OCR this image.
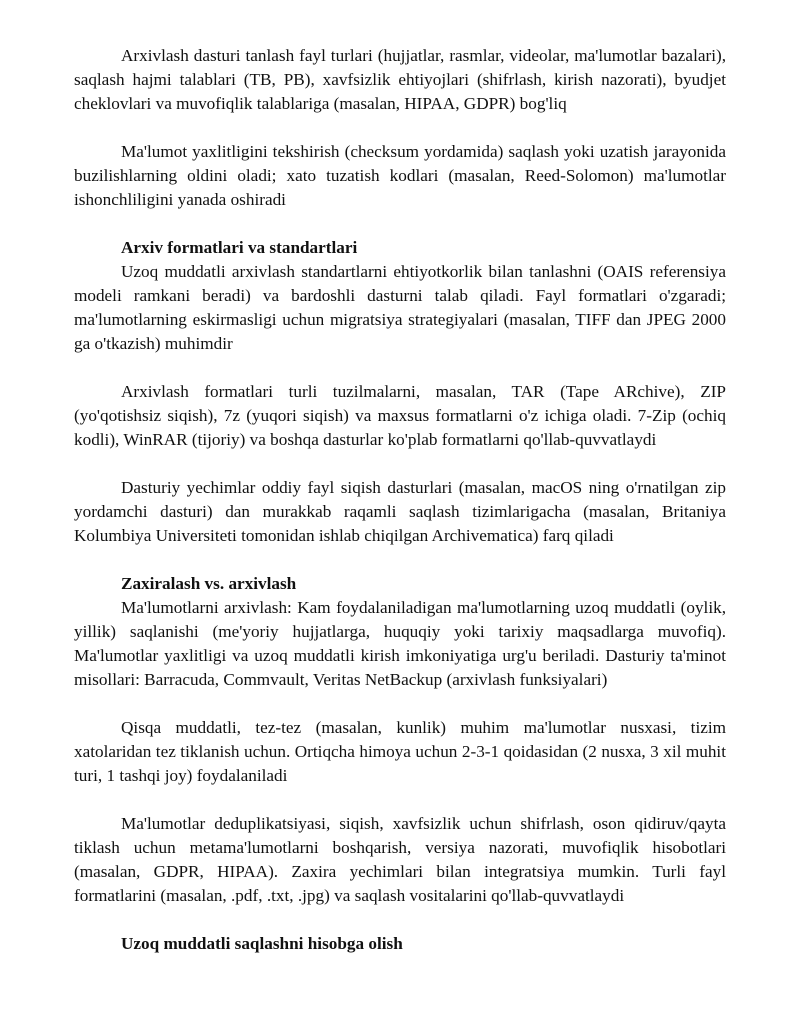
Arxivlash dasturi tanlash fayl turlari (hujjatlar, rasmlar, videolar, ma'lumotlar bazalari), saqlash hajmi talablari (TB, PB), xavfsizlik ehtiyojlari (shifrlash, kirish nazorati), byudjet cheklovlari va muvofiqlik talablariga (masalan, HIPAA, GDPR) bog'liq

Ma'lumot yaxlitligini tekshirish (checksum yordamida) saqlash yoki uzatish jarayonida buzilishlarning oldini oladi; xato tuzatish kodlari (masalan, Reed-Solomon) ma'lumotlar ishonchliligini yanada oshiradi

Arxiv formatlari va standartlari

Uzoq muddatli arxivlash standartlarni ehtiyotkorlik bilan tanlashni (OAIS referensiya modeli ramkani beradi) va bardoshli dasturni talab qiladi. Fayl formatlari o'zgaradi; ma'lumotlarning eskirmasligi uchun migratsiya strategiyalari (masalan, TIFF dan JPEG 2000 ga o'tkazish) muhimdir

Arxivlash formatlari turli tuzilmalarni, masalan, TAR (Tape ARchive), ZIP (yo'qotishsiz siqish), 7z (yuqori siqish) va maxsus formatlarni o'z ichiga oladi. 7-Zip (ochiq kodli), WinRAR (tijoriy) va boshqa dasturlar ko'plab formatlarni qo'llab-quvvatlaydi

Dasturiy yechimlar oddiy fayl siqish dasturlari (masalan, macOS ning o'rnatilgan zip yordamchi dasturi) dan murakkab raqamli saqlash tizimlarigacha (masalan, Britaniya Kolumbiya Universiteti tomonidan ishlab chiqilgan Archivematica) farq qiladi

Zaxiralash vs. arxivlash

Ma'lumotlarni arxivlash: Kam foydalaniladigan ma'lumotlarning uzoq muddatli (oylik, yillik) saqlanishi (me'yoriy hujjatlarga, huquqiy yoki tarixiy maqsadlarga muvofiq). Ma'lumotlar yaxlitligi va uzoq muddatli kirish imkoniyatiga urg'u beriladi. Dasturiy ta'minot misollari: Barracuda, Commvault, Veritas NetBackup (arxivlash funksiyalari)

Qisqa muddatli, tez-tez (masalan, kunlik) muhim ma'lumotlar nusxasi, tizim xatolaridan tez tiklanish uchun. Ortiqcha himoya uchun 2-3-1 qoidasidan (2 nusxa, 3 xil muhit turi, 1 tashqi joy) foydalaniladi

Ma'lumotlar deduplikatsiyasi, siqish, xavfsizlik uchun shifrlash, oson qidiruv/qayta tiklash uchun metama'lumotlarni boshqarish, versiya nazorati, muvofiqlik hisobotlari (masalan, GDPR, HIPAA). Zaxira yechimlari bilan integratsiya mumkin. Turli fayl formatlarini (masalan, .pdf, .txt, .jpg) va saqlash vositalarini qo'llab-quvvatlaydi

Uzoq muddatli saqlashni hisobga olish
